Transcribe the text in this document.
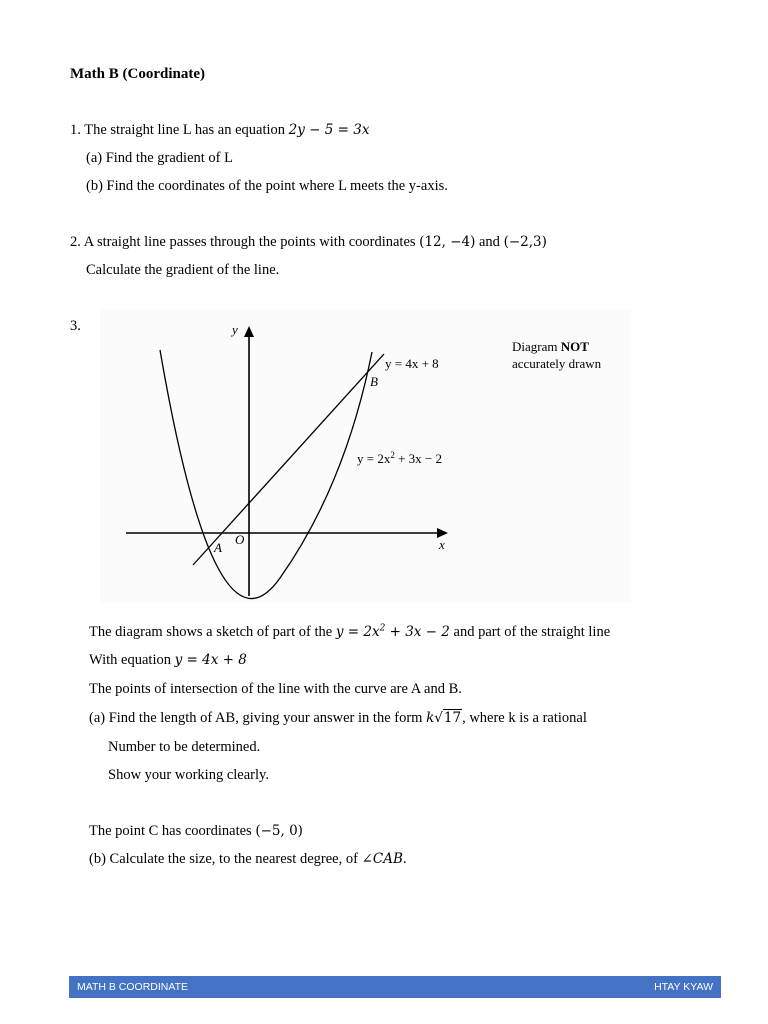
Math B (Coordinate)
1. The straight line L has an equation 2y − 5 = 3x
(a) Find the gradient of L
(b) Find the coordinates of the point where L meets the y-axis.
2. A straight line passes through the points with coordinates (12, −4) and (−2,3)
Calculate the gradient of the line.
3.	y
x
O
A
B
y = 4x + 8
$y = 2x^2 + 3x - 2$
Diagram NOT
accurately drawn
The diagram shows a sketch of part of the $y = 2x^2 + 3x - 2$ and part of the straight line
With equation y = 4x + 8
The points of intersection of the line with the curve are A and B.
(a) Find the length of AB, giving your answer in the form k√17, where k is a rational
Number to be determined.
Show your working clearly.
The point C has coordinates (−5, 0)
(b) Calculate the size, to the nearest degree, of ∠CAB.
MATH B COORDINATE	HTAY KYAW
